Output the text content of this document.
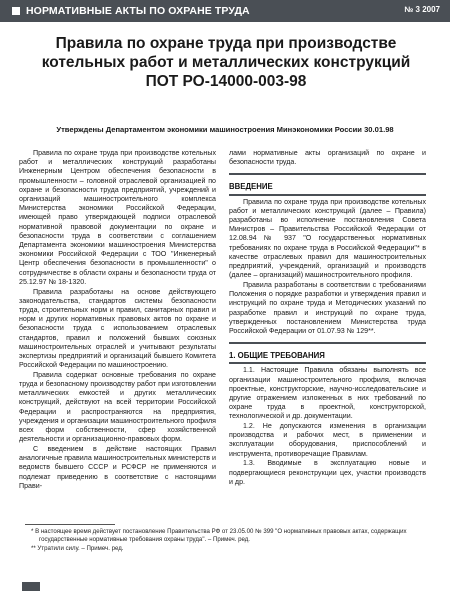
НОРМАТИВНЫЕ АКТЫ ПО ОХРАНЕ ТРУДА	№ 3 2007
Правила по охране труда при производстве котельных работ и металлических конструкций ПОТ РО-14000-003-98
Утверждены Департаментом экономики машиностроения Минэкономики России 30.01.98

Правила по охране труда при производстве котельных работ и металлических конструкций разработаны Инженерным Центром обеспечения безопасности в промышленности – головной отраслевой организацией по охране и безопасности труда предприятий, учреждений и организаций машиностроительного комплекса Министерства экономики Российской Федерации, имеющей право утверждающей подписи отраслевой нормативной правовой документации по охране и безопасности труда в соответствии с соглашением Департамента экономики машиностроения Министерства экономики Российской Федерации с ТОО "Инженерный Центр обеспечения безопасности в промышленности" о сотрудничестве в области охраны и безопасности труда от 25.12.97 № 18-1320.

Правила разработаны на основе действующего законодательства, стандартов системы безопасности труда, строительных норм и правил, санитарных правил и норм и других нормативных правовых актов по охране и безопасности труда с использованием отраслевых стандартов, правил и положений бывших союзных машиностроительных отраслей и учитывают результаты экспертизы предприятий и организаций бывшего Комитета Российской Федерации по машиностроению.

Правила содержат основные требования по охране труда и безопасному производству работ при изготовлении металлических емкостей и других металлических конструкций, действуют на всей территории Российской Федерации и распространяются на предприятия, учреждения и организации машиностроительного профиля всех форм собственности, сфер хозяйственной деятельности и организационно-правовых форм.

С введением в действие настоящих Правил аналогичные правила машиностроительных министерств и ведомств бывшего СССР и РСФСР не применяются и подлежат приведению в соответствие с настоящими Прави-

лами нормативные акты организаций по охране и безопасности труда.

ВВЕДЕНИЕ

Правила по охране труда при производстве котельных работ и металлических конструкций (далее – Правила) разработаны во исполнение постановления Совета Министров – Правительства Российской Федерации от 12.08.94 № 937 "О государственных нормативных требованиях по охране труда в Российской Федерации"* в качестве отраслевых правил для машиностроительных предприятий, учреждений, организаций и производств (далее – организаций) машиностроительного профиля.

Правила разработаны в соответствии с требованиями Положения о порядке разработки и утверждения правил и инструкций по охране труда и Методических указаний по разработке правил и инструкций по охране труда, утвержденных постановлением Министерства труда Российской Федерации от 01.07.93 № 129**.

1. ОБЩИЕ ТРЕБОВАНИЯ

1.1. Настоящие Правила обязаны выполнять все организации машиностроительного профиля, включая проектные, конструкторские, научно-исследовательские и другие отражением изложенных в них требований по охране труда в проектной, конструкторской, технологической и др. документации.

1.2. Не допускаются изменения в организации производства и рабочих мест, в применении и эксплуатации оборудования, приспособлений и инструмента, противоречащие Правилам.

1.3. Вводимые в эксплуатацию новые и подвергающиеся реконструкции цех, участки производств и др.

* В настоящее время действует постановление Правительства РФ от 23.05.00 № 399 "О нормативных правовых актах, содержащих государственные нормативные требования охраны труда". – Примеч. ред.

** Утратили силу. – Примеч. ред.
